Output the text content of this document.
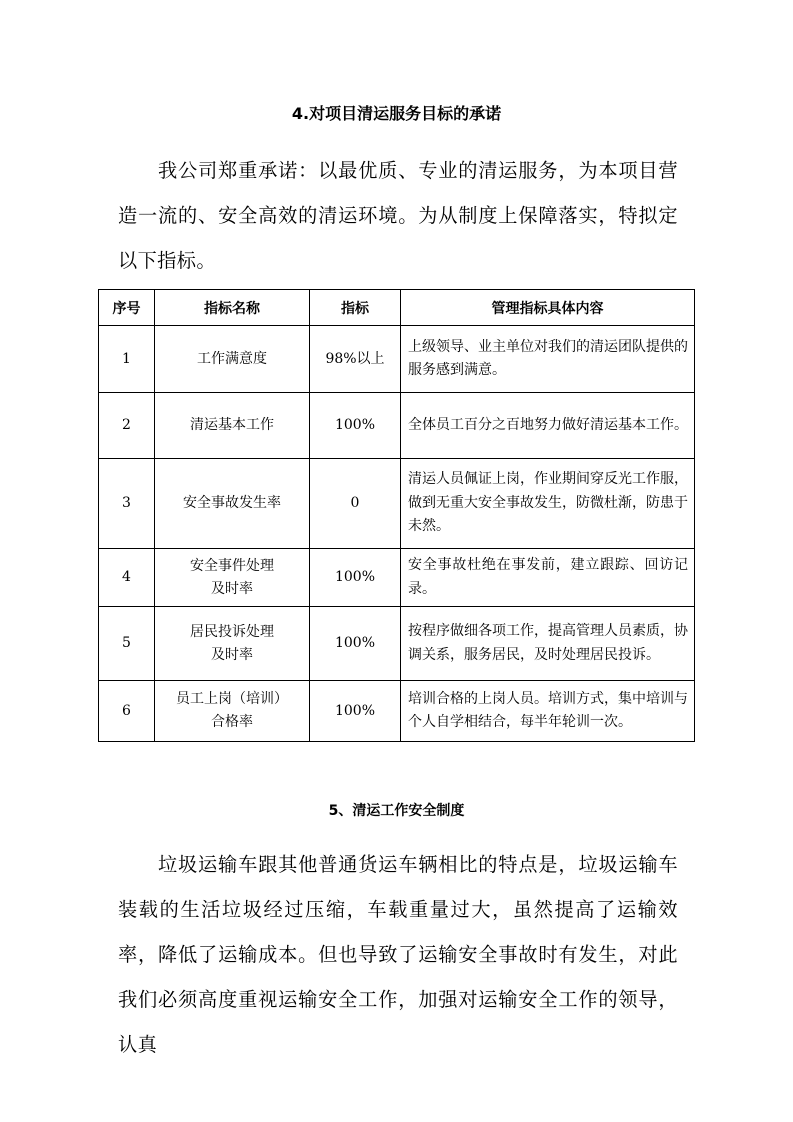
4.对项目清运服务目标的承诺

我公司郑重承诺：以最优质、专业的清运服务，为本项目营造一流的、安全高效的清运环境。为从制度上保障落实，特拟定以下指标。

序号	指标名称	指标	管理指标具体内容
1	工作满意度	98%以上	上级领导、业主单位对我们的清运团队提供的服务感到满意。
2	清运基本工作	100%	全体员工百分之百地努力做好清运基本工作。
3	安全事故发生率	0	清运人员佩证上岗，作业期间穿反光工作服，做到无重大安全事故发生，防微杜渐，防患于未然。
4	安全事件处理
及时率	100%	安全事故杜绝在事发前，建立跟踪、回访记录。
5	居民投诉处理
及时率	100%	按程序做细各项工作，提高管理人员素质，协调关系，服务居民，及时处理居民投诉。
6	员工上岗（培训）
合格率	100%	培训合格的上岗人员。培训方式，集中培训与个人自学相结合，每半年轮训一次。
5、清运工作安全制度

垃圾运输车跟其他普通货运车辆相比的特点是，垃圾运输车装载的生活垃圾经过压缩，车载重量过大，虽然提高了运输效率，降低了运输成本。但也导致了运输安全事故时有发生，对此我们必须高度重视运输安全工作，加强对运输安全工作的领导，认真
